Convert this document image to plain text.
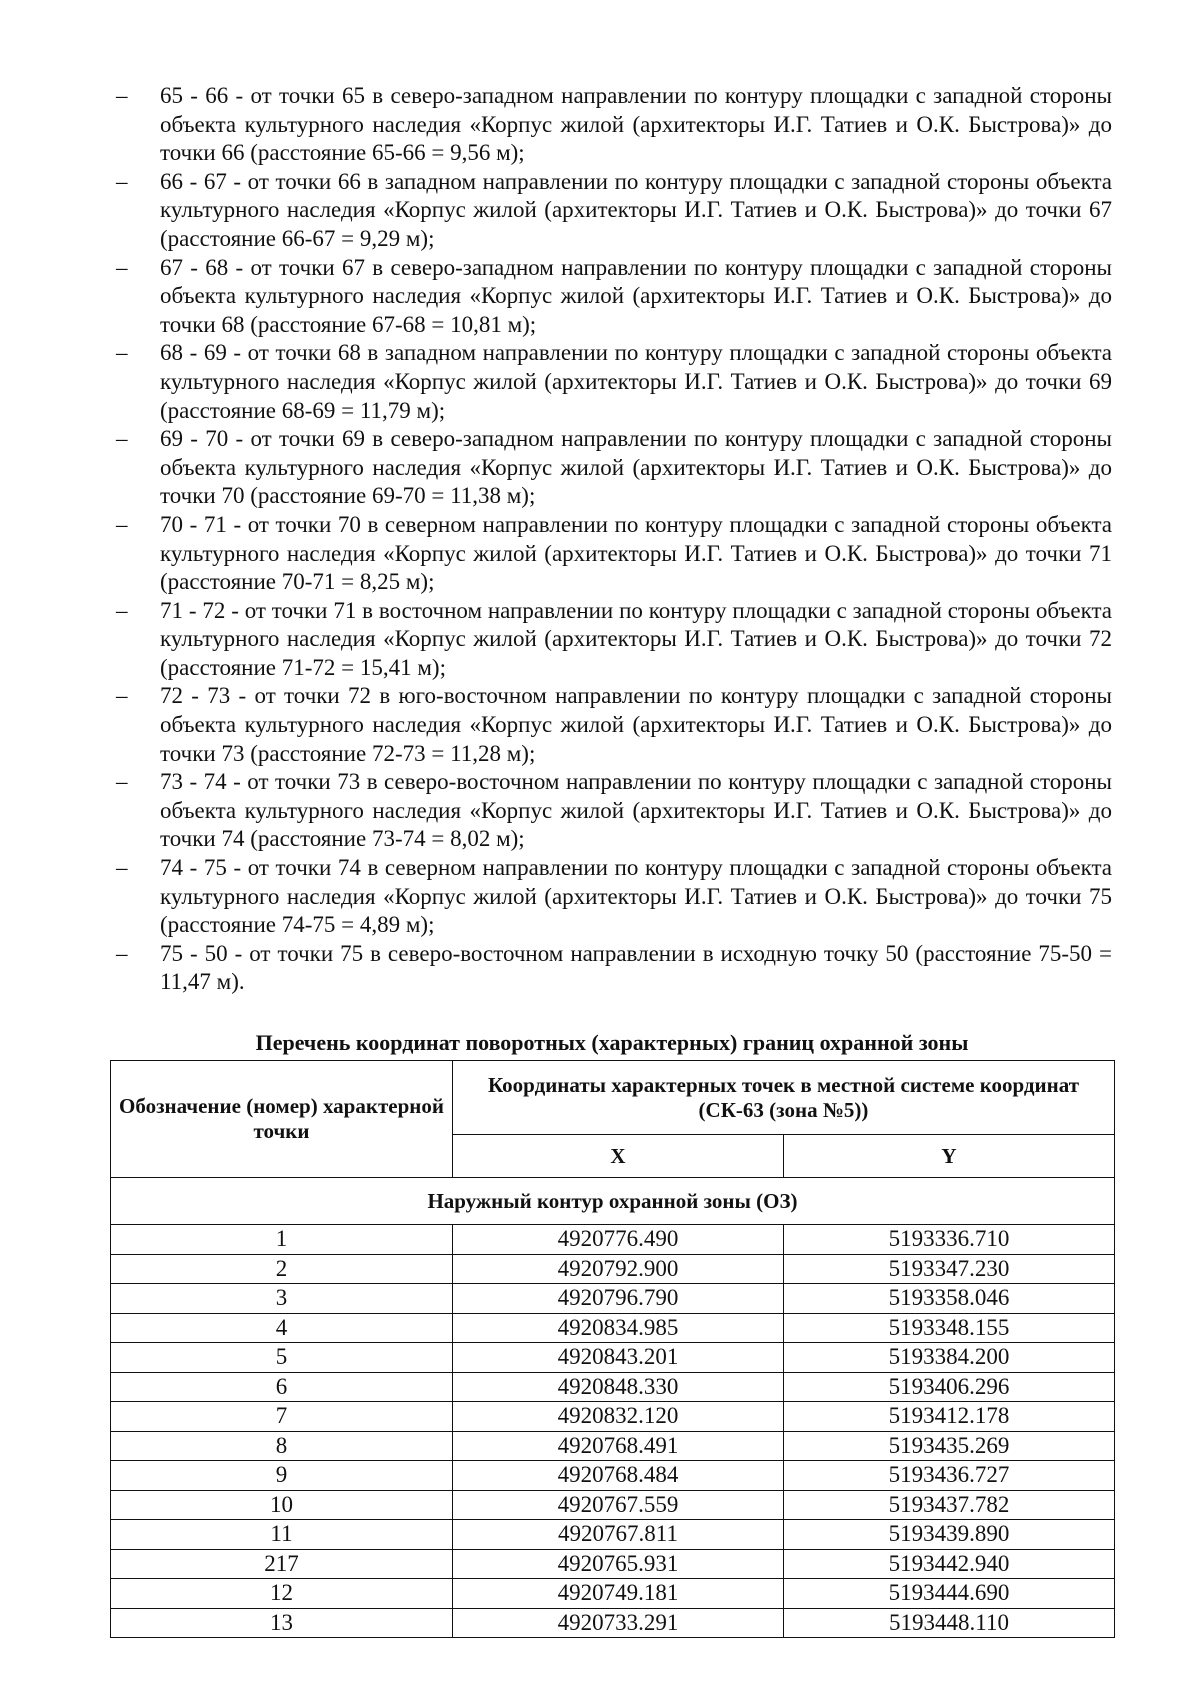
– 65 - 66 - от точки 65 в северо-западном направлении по контуру площадки с западной стороны объекта культурного наследия «Корпус жилой (архитекторы И.Г. Татиев и О.К. Быстрова)» до точки 66 (расстояние 65-66 = 9,56 м);
– 66 - 67 - от точки 66 в западном направлении по контуру площадки с западной стороны объекта культурного наследия «Корпус жилой (архитекторы И.Г. Татиев и О.К. Быстрова)» до точки 67 (расстояние 66-67 = 9,29 м);
– 67 - 68 - от точки 67 в северо-западном направлении по контуру площадки с западной стороны объекта культурного наследия «Корпус жилой (архитекторы И.Г. Татиев и О.К. Быстрова)» до точки 68 (расстояние 67-68 = 10,81 м);
– 68 - 69 - от точки 68 в западном направлении по контуру площадки с западной стороны объекта культурного наследия «Корпус жилой (архитекторы И.Г. Татиев и О.К. Быстрова)» до точки 69 (расстояние 68-69 = 11,79 м);
– 69 - 70 - от точки 69 в северо-западном направлении по контуру площадки с западной стороны объекта культурного наследия «Корпус жилой (архитекторы И.Г. Татиев и О.К. Быстрова)» до точки 70 (расстояние 69-70 = 11,38 м);
– 70 - 71 - от точки 70 в северном направлении по контуру площадки с западной стороны объекта культурного наследия «Корпус жилой (архитекторы И.Г. Татиев и О.К. Быстрова)» до точки 71 (расстояние 70-71 = 8,25 м);
– 71 - 72 - от точки 71 в восточном направлении по контуру площадки с западной стороны объекта культурного наследия «Корпус жилой (архитекторы И.Г. Татиев и О.К. Быстрова)» до точки 72 (расстояние 71-72 = 15,41 м);
– 72 - 73 - от точки 72 в юго-восточном направлении по контуру площадки с западной стороны объекта культурного наследия «Корпус жилой (архитекторы И.Г. Татиев и О.К. Быстрова)» до точки 73 (расстояние 72-73 = 11,28 м);
– 73 - 74 - от точки 73 в северо-восточном направлении по контуру площадки с западной стороны объекта культурного наследия «Корпус жилой (архитекторы И.Г. Татиев и О.К. Быстрова)» до точки 74 (расстояние 73-74 = 8,02 м);
– 74 - 75 - от точки 74 в северном направлении по контуру площадки с западной стороны объекта культурного наследия «Корпус жилой (архитекторы И.Г. Татиев и О.К. Быстрова)» до точки 75 (расстояние 74-75 = 4,89 м);
– 75 - 50 - от точки 75 в северо-восточном направлении в исходную точку 50 (расстояние 75-50 = 11,47 м).
Перечень координат поворотных (характерных) границ охранной зоны
Обозначение (номер) характерной точки	Координаты характерных точек в местной системе координат (СК-63 (зона №5))	
	X	Y
Наружный контур охранной зоны (ОЗ)		
1	4920776.490	5193336.710
2	4920792.900	5193347.230
3	4920796.790	5193358.046
4	4920834.985	5193348.155
5	4920843.201	5193384.200
6	4920848.330	5193406.296
7	4920832.120	5193412.178
8	4920768.491	5193435.269
9	4920768.484	5193436.727
10	4920767.559	5193437.782
11	4920767.811	5193439.890
217	4920765.931	5193442.940
12	4920749.181	5193444.690
13	4920733.291	5193448.110
